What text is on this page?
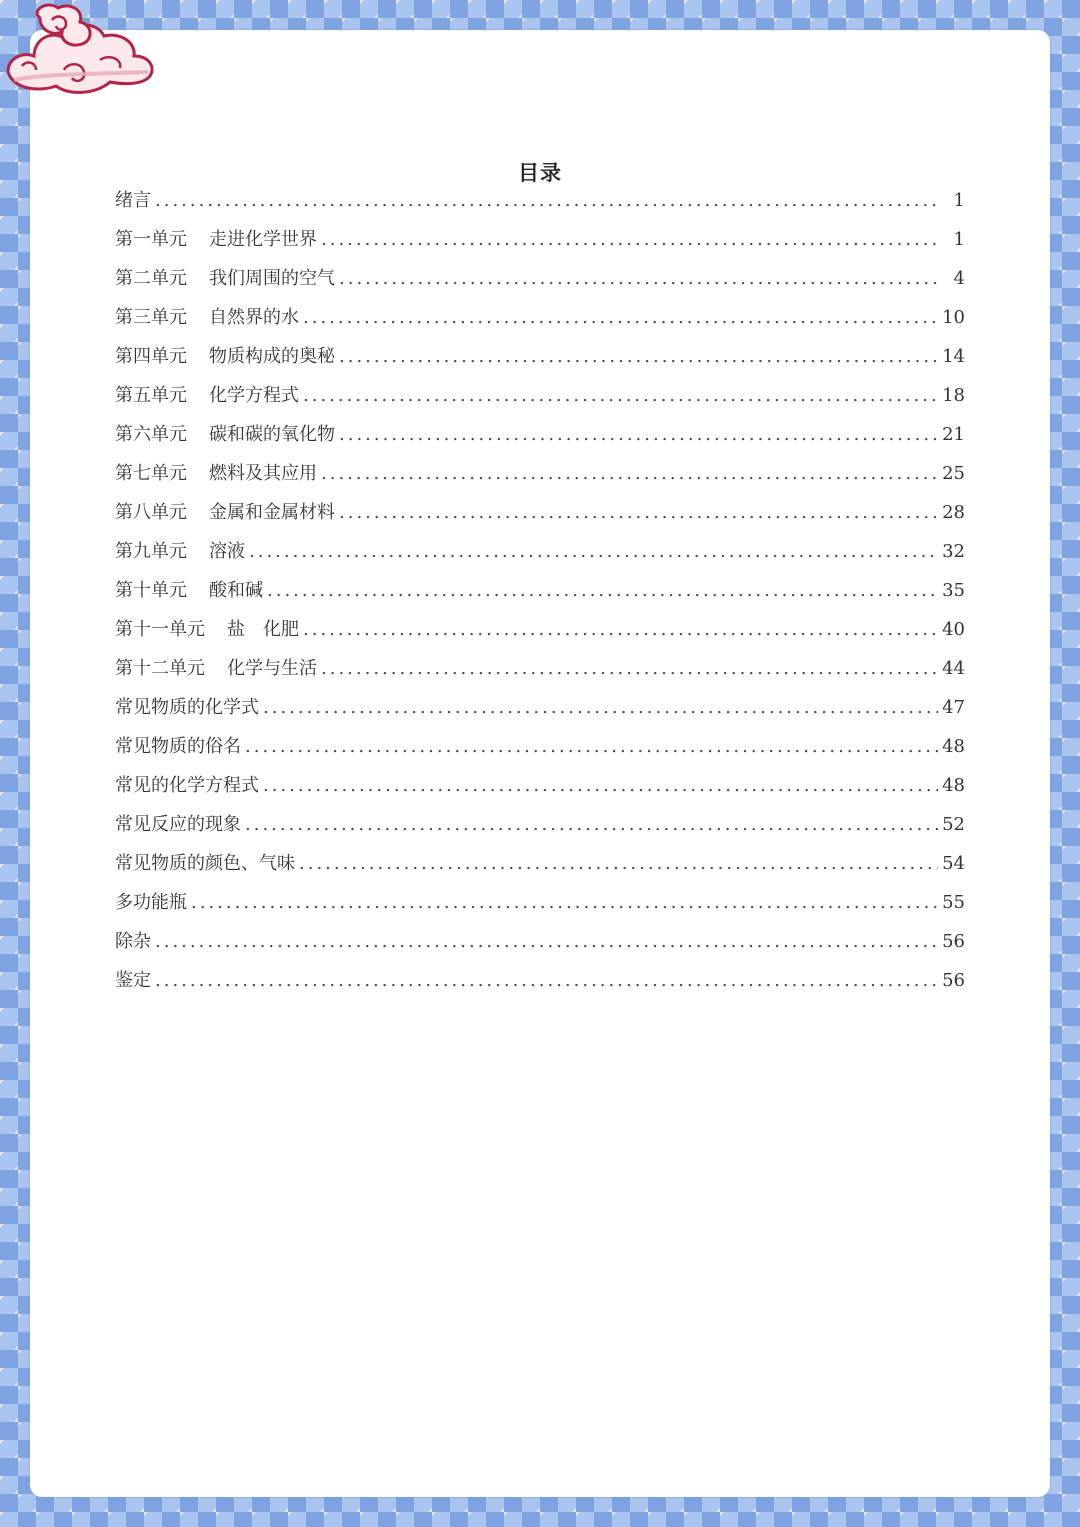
目录
绪言 .....	1
第一单元 走进化学世界 .....	1
第二单元 我们周围的空气 .....	4
第三单元 自然界的水 .....	10
第四单元 物质构成的奥秘 .....	14
第五单元 化学方程式 .....	18
第六单元 碳和碳的氧化物 .....	21
第七单元 燃料及其应用 .....	25
第八单元 金属和金属材料 .....	28
第九单元 溶液 .....	32
第十单元 酸和碱 .....	35
第十一单元 盐　化肥 .....	40
第十二单元 化学与生活 .....	44
常见物质的化学式 .....	47
常见物质的俗名 .....	48
常见的化学方程式 .....	48
常见反应的现象 .....	52
常见物质的颜色、气味 .....	54
多功能瓶 .....	55
除杂 .....	56
鉴定 .....	56
